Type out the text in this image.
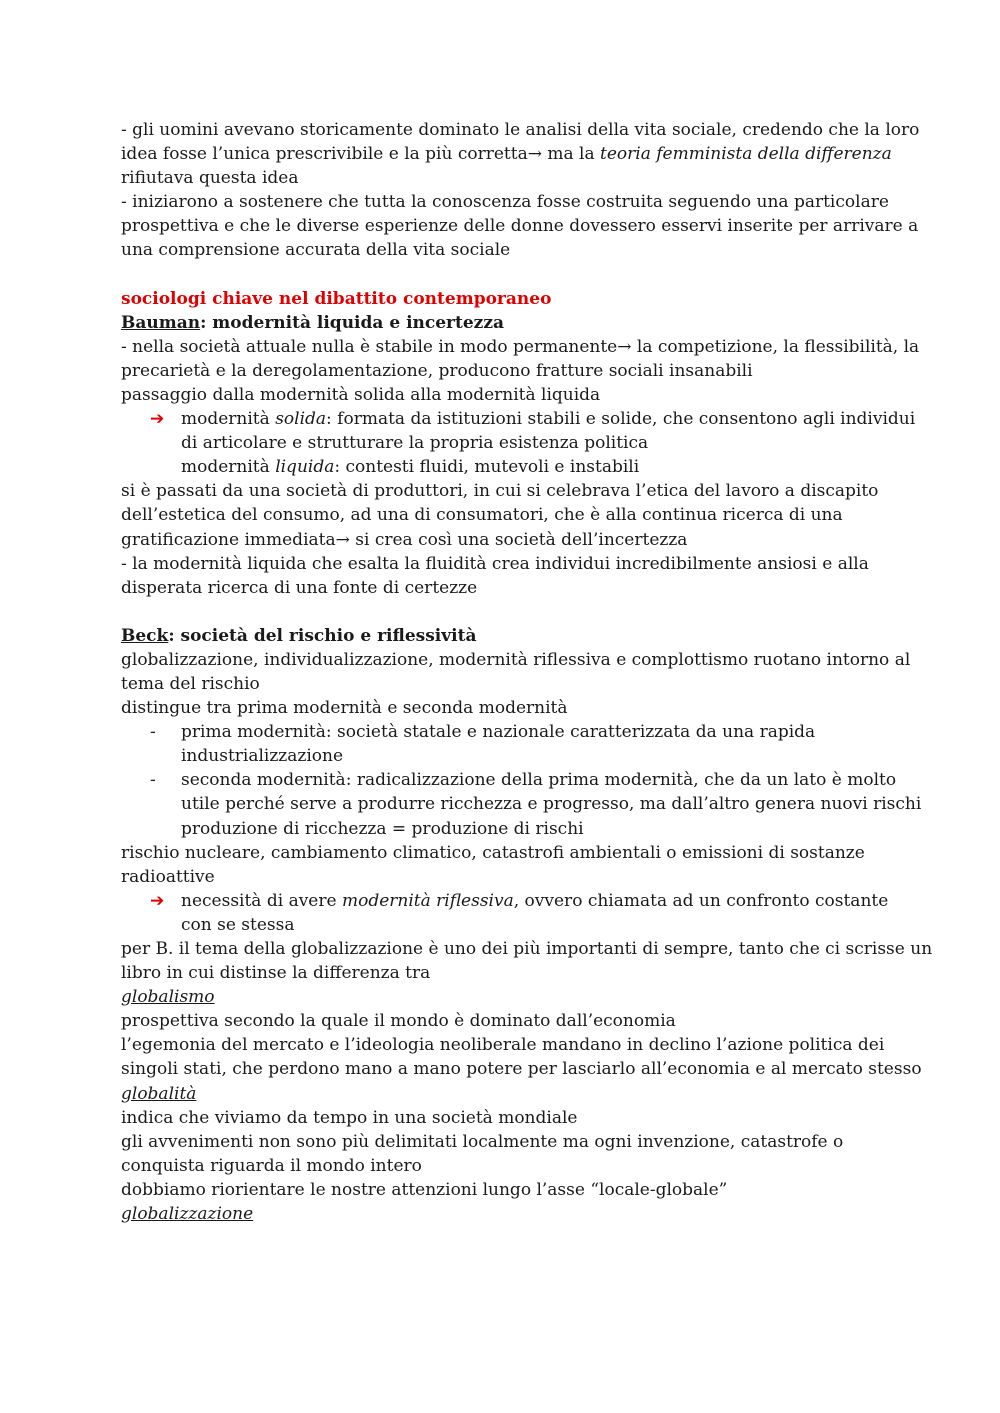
- gli uomini avevano storicamente dominato le analisi della vita sociale, credendo che la loro
idea fosse l’unica prescrivibile e la più corretta→ ma la teoria femminista della differenza
rifiutava questa idea
- iniziarono a sostenere che tutta la conoscenza fosse costruita seguendo una particolare
prospettiva e che le diverse esperienze delle donne dovessero esservi inserite per arrivare a
una comprensione accurata della vita sociale
sociologi chiave nel dibattito contemporaneo
Bauman: modernità liquida e incertezza
- nella società attuale nulla è stabile in modo permanente→ la competizione, la flessibilità, la
precarietà e la deregolamentazione, producono fratture sociali insanabili
passaggio dalla modernità solida alla modernità liquida
➔ modernità solida: formata da istituzioni stabili e solide, che consentono agli individui
di articolare e strutturare la propria esistenza politica
modernità liquida: contesti fluidi, mutevoli e instabili
si è passati da una società di produttori, in cui si celebrava l’etica del lavoro a discapito
dell’estetica del consumo, ad una di consumatori, che è alla continua ricerca di una
gratificazione immediata→ si crea così una società dell’incertezza
- la modernità liquida che esalta la fluidità crea individui incredibilmente ansiosi e alla
disperata ricerca di una fonte di certezze
Beck: società del rischio e riflessività
globalizzazione, individualizzazione, modernità riflessiva e complottismo ruotano intorno al
tema del rischio
distingue tra prima modernità e seconda modernità
- prima modernità: società statale e nazionale caratterizzata da una rapida
industrializzazione
- seconda modernità: radicalizzazione della prima modernità, che da un lato è molto
utile perché serve a produrre ricchezza e progresso, ma dall’altro genera nuovi rischi
produzione di ricchezza = produzione di rischi
rischio nucleare, cambiamento climatico, catastrofi ambientali o emissioni di sostanze
radioattive
➔ necessità di avere modernità riflessiva, ovvero chiamata ad un confronto costante
con se stessa
per B. il tema della globalizzazione è uno dei più importanti di sempre, tanto che ci scrisse un
libro in cui distinse la differenza tra
globalismo
prospettiva secondo la quale il mondo è dominato dall’economia
l’egemonia del mercato e l’ideologia neoliberale mandano in declino l’azione politica dei
singoli stati, che perdono mano a mano potere per lasciarlo all’economia e al mercato stesso
globalità
indica che viviamo da tempo in una società mondiale
gli avvenimenti non sono più delimitati localmente ma ogni invenzione, catastrofe o
conquista riguarda il mondo intero
dobbiamo riorientare le nostre attenzioni lungo l’asse “locale-globale”
globalizzazione
